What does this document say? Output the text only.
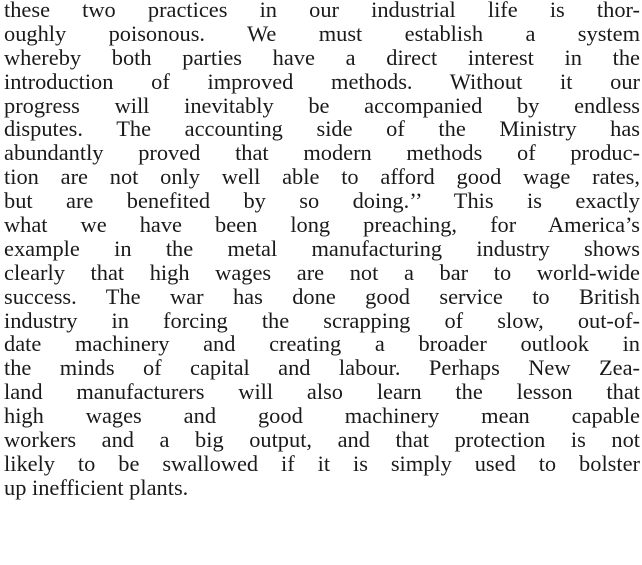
these two practices in our industrial life is thor-
oughly poisonous. We must establish a system
whereby both parties have a direct interest in the
introduction of improved methods. Without it our
progress will inevitably be accompanied by endless
disputes. The accounting side of the Ministry has
abundantly proved that modern methods of produc-
tion are not only well able to afford good wage rates,
but are benefited by so doing.’’ This is exactly
what we have been long preaching, for America’s
example in the metal manufacturing industry shows
clearly that high wages are not a bar to world-wide
success. The war has done good service to British
industry in forcing the scrapping of slow, out-of-
date machinery and creating a broader outlook in
the minds of capital and labour. Perhaps New Zea-
land manufacturers will also learn the lesson that
high wages and good machinery mean capable
workers and a big output, and that protection is not
likely to be swallowed if it is simply used to bolster
up inefficient plants.
